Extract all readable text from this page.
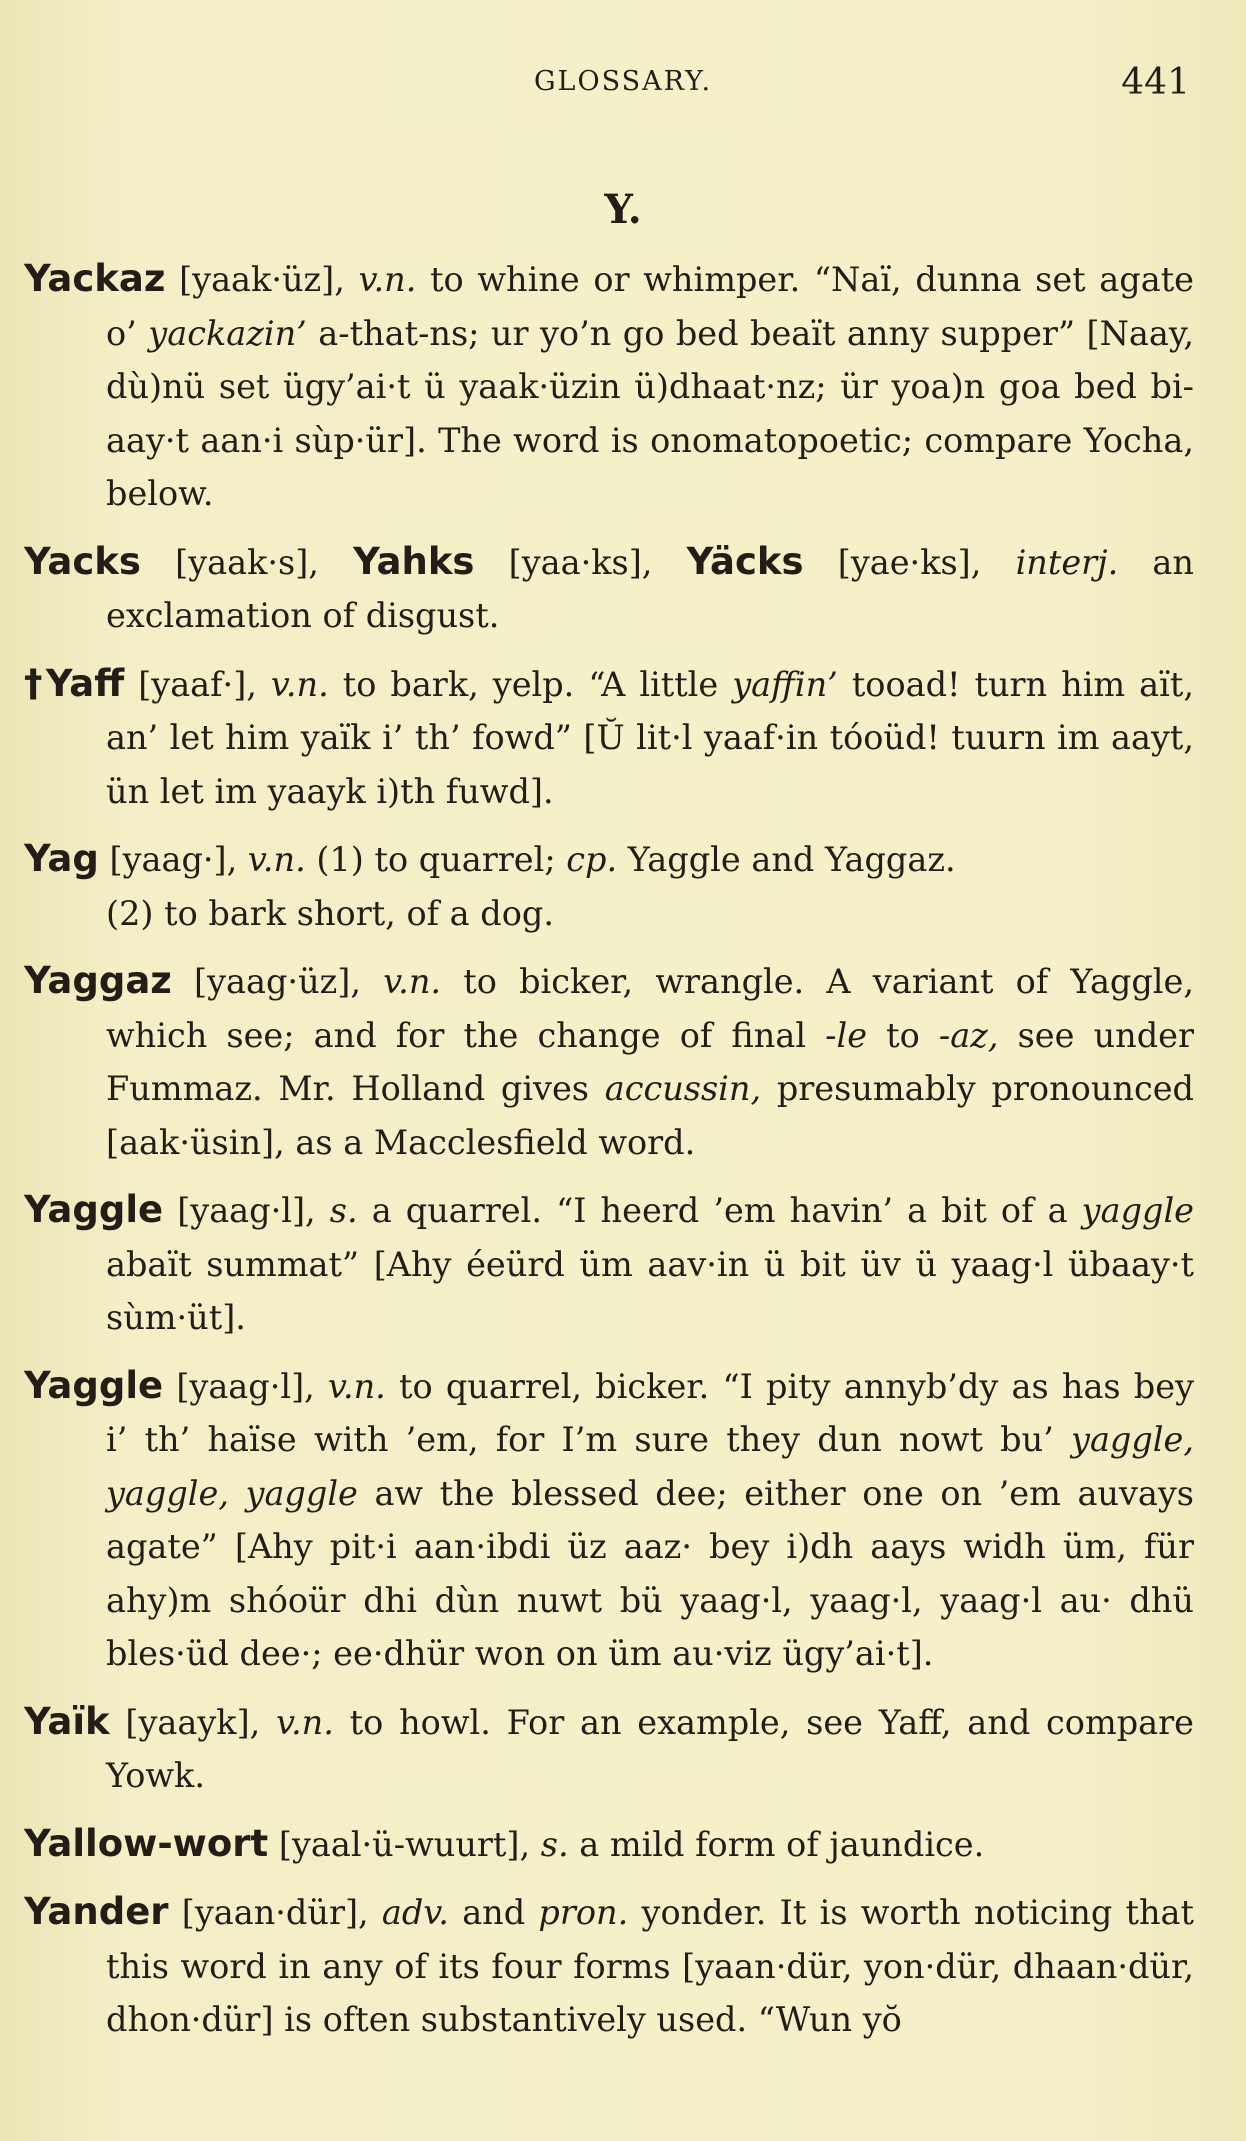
GLOSSARY.	441
Y.
Yackaz [yaak·üz], v.n. to whine or whimper. “Naï, dunna set agate o’ yackazin’ a-that-ns; ur yo’n go bed beaït anny supper” [Naay, dù)nü set ügy’ai·t ü yaak·üzin ü)dhaat·nz; ür yoa)n goa bed bi-aay·t aan·i sùp·ür]. The word is onomatopoetic; compare Yocha, below.
Yacks [yaak·s], Yahks [yaa·ks], Yäcks [yae·ks], interj. an exclamation of disgust.
†Yaff [yaaf·], v.n. to bark, yelp. “A little yaffin’ tooad! turn him aït, an’ let him yaïk i’ th’ fowd” [Ŭ lit·l yaaf·in tóoüd! tuurn im aayt, ün let im yaayk i)th fuwd].

Yag [yaag·], v.n. (1) to quarrel; cp. Yaggle and Yaggaz.

(2) to bark short, of a dog.

Yaggaz [yaag·üz], v.n. to bicker, wrangle. A variant of Yaggle, which see; and for the change of final -le to -az, see under Fummaz. Mr. Holland gives accussin, presumably pronounced [aak·üsin], as a Macclesfield word.
Yaggle [yaag·l], s. a quarrel. “I heerd ’em havin’ a bit of a yaggle abaït summat” [Ahy éeürd üm aav·in ü bit üv ü yaag·l übaay·t sùm·üt].
Yaggle [yaag·l], v.n. to quarrel, bicker. “I pity annyb’dy as has bey i’ th’ haïse with ’em, for I’m sure they dun nowt bu’ yaggle, yaggle, yaggle aw the blessed dee; either one on ’em auvays agate” [Ahy pit·i aan·ibdi üz aaz· bey i)dh aays widh üm, für ahy)m shóoür dhi dùn nuwt bü yaag·l, yaag·l, yaag·l au· dhü bles·üd dee·; ee·dhür won on üm au·viz ügy’ai·t].
Yaïk [yaayk], v.n. to howl. For an example, see Yaff, and compare Yowk.
Yallow-wort [yaal·ü-wuurt], s. a mild form of jaundice.
Yander [yaan·dür], adv. and pron. yonder. It is worth noticing that this word in any of its four forms [yaan·dür, yon·dür, dhaan·dür, dhon·dür] is often substantively used. “Wun yŏ
